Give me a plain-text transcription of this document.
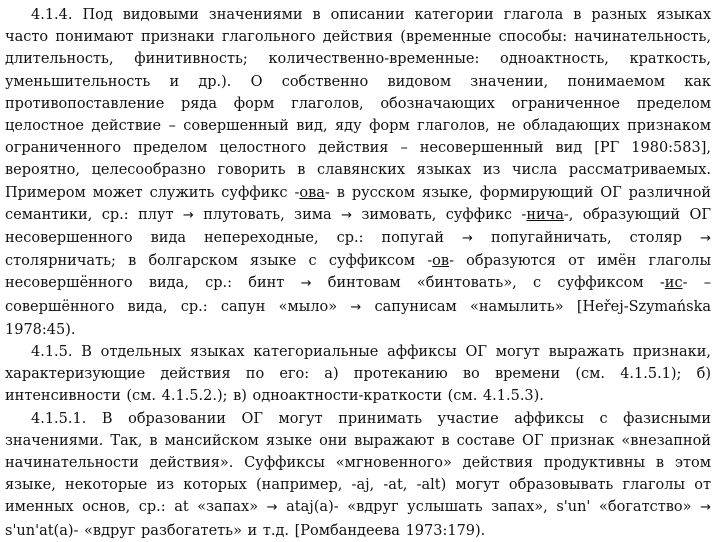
4.1.4. Под видовыми значениями в описании категории глагола в разных языках часто понимают признаки глагольного действия (временные способы: начинательность, длительность, финитивность; количественно-временные: одноактность, краткость, уменьшительность и др.). О собственно видовом значении, понимаемом как противопоставление ряда форм глаголов, обозначающих ограниченное пределом целостное действие – совершенный вид, яду форм глаголов, не обладающих признаком ограниченного пределом целостного действия – несовершенный вид [РГ 1980:583], вероятно, целесообразно говорить в славянских языках из числа рассматриваемых. Примером может служить суффикс -ова- в русском языке, формирующий ОГ различной семантики, ср.: плут → плутовать, зима → зимовать, суффикс -нича-, образующий ОГ несовершенного вида непереходные, ср.: попугай → попугайничать, столяр → столярничать; в болгарском языке с суффиксом -ов- образуются от имён глаголы несовершённого вида, ср.: бинт → бинтовам «бинтовать», с суффиксом -ис- – совершённого вида, ср.: сапун «мыло» → сапунисам «намылить» [Heřej-Szymańska 1978:45).

4.1.5. В отдельных языках категориальные аффиксы ОГ могут выражать признаки, характеризующие действия по его: а) протеканию во времени (см. 4.1.5.1); б) интенсивности (см. 4.1.5.2.); в) одноактности-краткости (см. 4.1.5.3).

4.1.5.1. В образовании ОГ могут принимать участие аффиксы с фазисными значениями. Так, в мансийском языке они выражают в составе ОГ признак «внезапной начинательности действия». Суффиксы «мгновенного» действия продуктивны в этом языке, некоторые из которых (например, -aj, -at, -alt) могут образовывать глаголы от именных основ, ср.: at «запах» → ataj(a)- «вдруг услышать запах», s'un' «богатство» → s'un'at(a)- «вдруг разбогатеть» и т.д. [Ромбандеева 1973:179).
